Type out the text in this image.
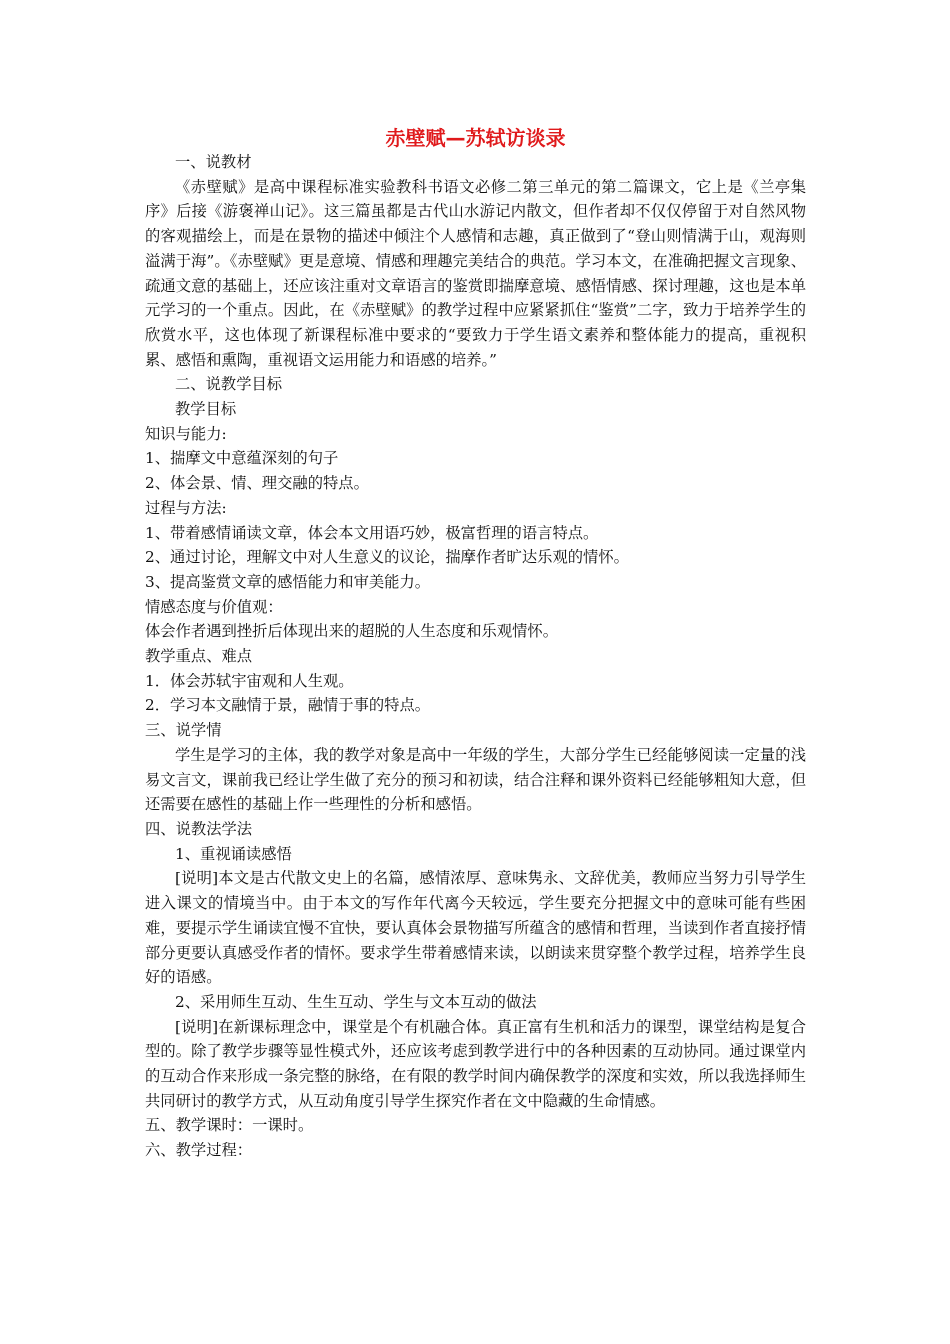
赤壁赋—苏轼访谈录

一、说教材

《赤壁赋》是高中课程标准实验教科书语文必修二第三单元的第二篇课文，它上是《兰亭集序》后接《游褒禅山记》。这三篇虽都是古代山水游记内散文，但作者却不仅仅停留于对自然风物的客观描绘上，而是在景物的描述中倾注个人感情和志趣，真正做到了“登山则情满于山，观海则溢满于海”。《赤壁赋》更是意境、情感和理趣完美结合的典范。学习本文，在准确把握文言现象、疏通文意的基础上，还应该注重对文章语言的鉴赏即揣摩意境、感悟情感、探讨理趣，这也是本单元学习的一个重点。因此，在《赤壁赋》的教学过程中应紧紧抓住“鉴赏”二字，致力于培养学生的欣赏水平，这也体现了新课程标准中要求的“要致力于学生语文素养和整体能力的提高，重视积累、感悟和熏陶，重视语文运用能力和语感的培养。”

二、说教学目标

教学目标

知识与能力:

1、揣摩文中意蕴深刻的句子

2、体会景、情、理交融的特点。

过程与方法:

1、带着感情诵读文章，体会本文用语巧妙，极富哲理的语言特点。

2、通过讨论，理解文中对人生意义的议论，揣摩作者旷达乐观的情怀。

3、提高鉴赏文章的感悟能力和审美能力。

情感态度与价值观：

体会作者遇到挫折后体现出来的超脱的人生态度和乐观情怀。

教学重点、难点

1．体会苏轼宇宙观和人生观。

2．学习本文融情于景，融情于事的特点。

三、说学情

学生是学习的主体，我的教学对象是高中一年级的学生，大部分学生已经能够阅读一定量的浅易文言文，课前我已经让学生做了充分的预习和初读，结合注释和课外资料已经能够粗知大意，但还需要在感性的基础上作一些理性的分析和感悟。

四、说教法学法

1、重视诵读感悟

[说明]本文是古代散文史上的名篇，感情浓厚、意味隽永、文辞优美，教师应当努力引导学生进入课文的情境当中。由于本文的写作年代离今天较远，学生要充分把握文中的意味可能有些困难，要提示学生诵读宜慢不宜快，要认真体会景物描写所蕴含的感情和哲理，当读到作者直接抒情部分更要认真感受作者的情怀。要求学生带着感情来读，以朗读来贯穿整个教学过程，培养学生良好的语感。

2、采用师生互动、生生互动、学生与文本互动的做法

[说明]在新课标理念中，课堂是个有机融合体。真正富有生机和活力的课型，课堂结构是复合型的。除了教学步骤等显性模式外，还应该考虑到教学进行中的各种因素的互动协同。通过课堂内的互动合作来形成一条完整的脉络，在有限的教学时间内确保教学的深度和实效，所以我选择师生共同研讨的教学方式，从互动角度引导学生探究作者在文中隐藏的生命情感。

五、教学课时：一课时。

六、教学过程：
